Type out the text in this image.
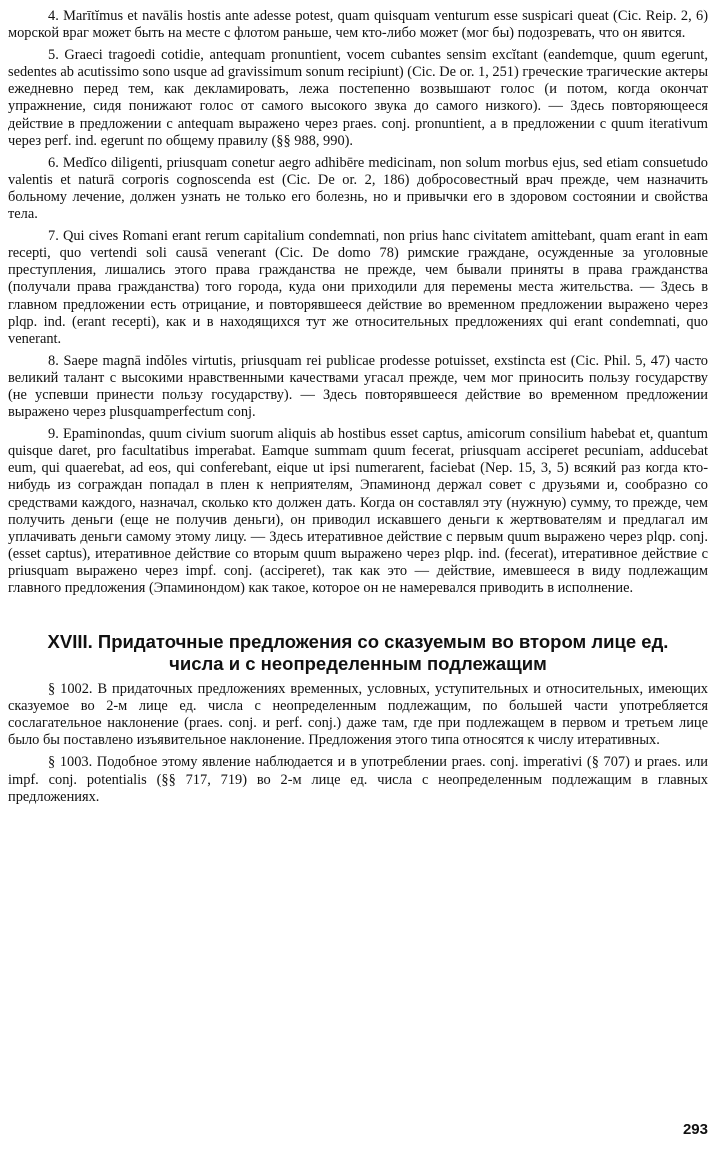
4. Marītĭmus et navālis hostis ante adesse potest, quam quisquam venturum esse suspicari queat (Cic. Reip. 2, 6) морской враг может быть на месте с флотом раньше, чем кто-либо может (мог бы) подозревать, что он явится.

5. Graeci tragoedi cotidie, antequam pronuntient, vocem cubantes sensim excĭtant (eandemque, quum egerunt, sedentes ab acutissimo sono usque ad gravissimum sonum recipiunt) (Cic. De or. 1, 251) греческие трагические актеры ежедневно перед тем, как декламировать, лежа постепенно возвышают голос (и потом, когда окончат упражнение, сидя понижают голос от самого высокого звука до самого низкого). — Здесь повторяющееся действие в предложении с antequam выражено через praes. conj. pronuntient, а в предложении с quum iterativum через perf. ind. egerunt по общему правилу (§§ 988, 990).

6. Medĭco diligenti, priusquam conetur aegro adhibēre medicinam, non solum morbus ejus, sed etiam consuetudo valentis et naturā corporis cognoscenda est (Cic. De or. 2, 186) добросовестный врач прежде, чем назначить больному лечение, должен узнать не только его болезнь, но и привычки его в здоровом состоянии и свойства тела.

7. Qui cives Romani erant rerum capitalium condemnati, non prius hanc civitatem amittebant, quam erant in eam recepti, quo vertendi soli causā venerant (Cic. De domo 78) римские граждане, осужденные за уголовные преступления, лишались этого права гражданства не прежде, чем бывали приняты в права гражданства (получали права гражданства) того города, куда они приходили для перемены места жительства. — Здесь в главном предложении есть отрицание, и повторявшееся действие во временном предложении выражено через plqp. ind. (erant recepti), как и в находящихся тут же относительных предложениях qui erant condemnati, quo venerant.

8. Saepe magnā indŏles virtutis, priusquam rei publicae prodesse potuisset, exstincta est (Cic. Phil. 5, 47) часто великий талант с высокими нравственными качествами угасал прежде, чем мог приносить пользу государству (не успевши принести пользу государству). — Здесь повторявшееся действие во временном предложении выражено через plusquamperfectum conj.

9. Epaminondas, quum civium suorum aliquis ab hostibus esset captus, amicorum consilium habebat et, quantum quisque daret, pro facultatibus imperabat. Eamque summam quum fecerat, priusquam acciperet pecuniam, adducebat eum, qui quaerebat, ad eos, qui conferebant, eique ut ipsi numerarent, faciebat (Nep. 15, 3, 5) всякий раз когда кто-нибудь из сограждан попадал в плен к неприятелям, Эпаминонд держал совет с друзьями и, сообразно со средствами каждого, назначал, сколько кто должен дать. Когда он составлял эту (нужную) сумму, то прежде, чем получить деньги (еще не получив деньги), он приводил искавшего деньги к жертвователям и предлагал им уплачивать деньги самому этому лицу. — Здесь итеративное действие с первым quum выражено через plqp. conj.(esset captus), итеративное действие со вторым quum выражено через plqp. ind. (fecerat), итеративное действие с priusquam выражено через impf. conj. (acciperet), так как это — действие, имевшееся в виду подлежащим главного предложения (Эпаминондом) как такое, которое он не намеревался приводить в исполнение.

XVIII. Придаточные предложения со сказуемым во втором лице ед. числа и с неопределенным подлежащим

§ 1002. В придаточных предложениях временных, условных, уступительных и относительных, имеющих сказуемое во 2-м лице ед. числа с неопределенным подлежащим, по большей части употребляется сослагательное наклонение (praes. conj. и perf. conj.) даже там, где при подлежащем в первом и третьем лице было бы поставлено изъявительное наклонение. Предложения этого типа относятся к числу итеративных.

§ 1003. Подобное этому явление наблюдается и в употреблении praes. conj. imperativi (§ 707) и praes. или impf. conj. potentialis (§§ 717, 719) во 2-м лице ед. числа с неопределенным подлежащим в главных предложениях.

293
